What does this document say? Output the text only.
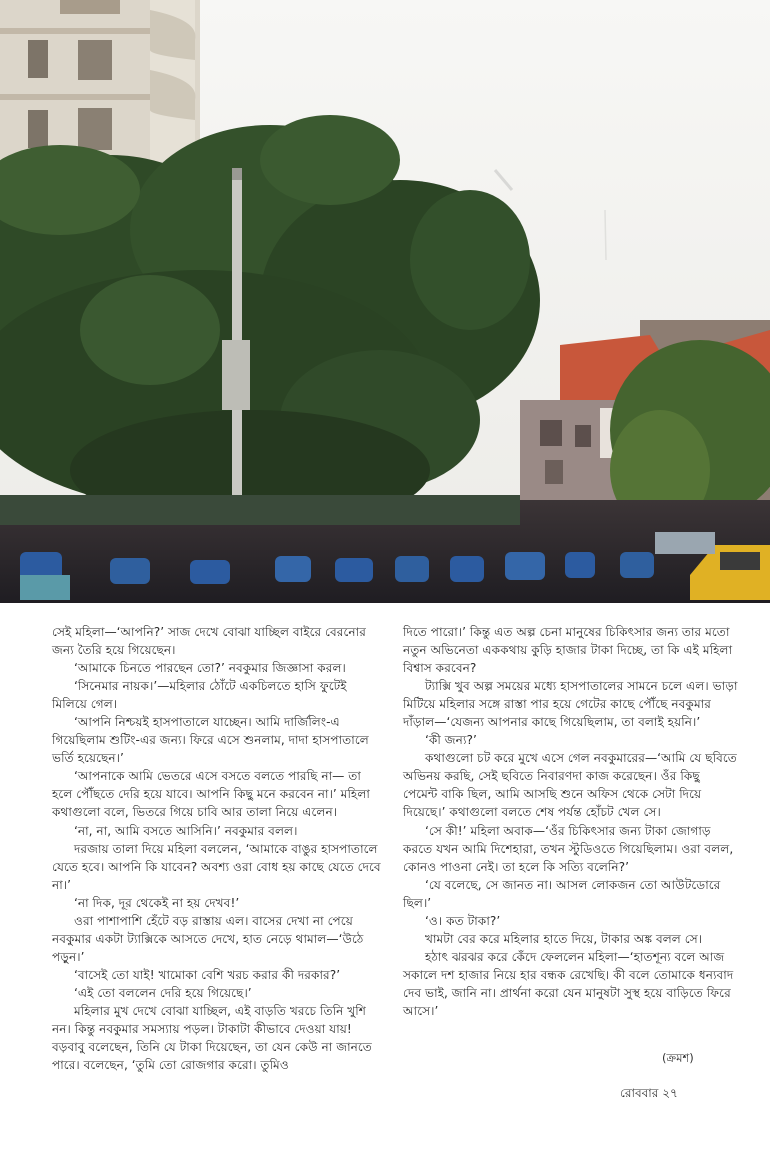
সেই মহিলা—‘আপনি?’ সাজ দেখে বোঝা যাচ্ছিল বাইরে বেরনোর জন্য তৈরি হয়ে গিয়েছেন।

‘আমাকে চিনতে পারছেন তো?’ নবকুমার জিজ্ঞাসা করল।

‘সিনেমার নায়ক।’—মহিলার ঠোঁটে একচিলতে হাসি ফুটেই মিলিয়ে গেল।

‘আপনি নিশ্চয়ই হাসপাতালে যাচ্ছেন। আমি দার্জিলিং-এ গিয়েছিলাম শুটিং-এর জন্য। ফিরে এসে শুনলাম, দাদা হাসপাতালে ভর্তি হয়েছেন।’

‘আপনাকে আমি ভেতরে এসে বসতে বলতে পারছি না— তা হলে পৌঁছতে দেরি হয়ে যাবে। আপনি কিছু মনে করবেন না।’ মহিলা কথাগুলো বলে, ভিতরে গিয়ে চাবি আর তালা নিয়ে এলেন।

‘না, না, আমি বসতে আসিনি।’ নবকুমার বলল।

দরজায় তালা দিয়ে মহিলা বললেন, ‘আমাকে বাঙুর হাসপাতালে যেতে হবে। আপনি কি যাবেন? অবশ্য ওরা বোধ হয় কাছে যেতে দেবে না।’

‘না দিক, দূর থেকেই না হয় দেখব!’

ওরা পাশাপাশি হেঁটে বড় রাস্তায় এল। বাসের দেখা না পেয়ে নবকুমার একটা ট্যাক্সিকে আসতে দেখে, হাত নেড়ে থামাল—‘উঠে পড়ুন।’

‘বাসেই তো যাই! খামোকা বেশি খরচ করার কী দরকার?’

‘এই তো বললেন দেরি হয়ে গিয়েছে।’

মহিলার মুখ দেখে বোঝা যাচ্ছিল, এই বাড়তি খরচে তিনি খুশি নন। কিন্তু নবকুমার সমস্যায় পড়ল। টাকাটা কীভাবে দেওয়া যায়! বড়বাবু বলেছেন, তিনি যে টাকা দিয়েছেন, তা যেন কেউ না জানতে পারে। বলেছেন, ‘তুমি তো রোজগার করো। তুমিও

দিতে পারো।’ কিন্তু এত অল্প চেনা মানুষের চিকিৎসার জন্য তার মতো নতুন অভিনেতা এককথায় কুড়ি হাজার টাকা দিচ্ছে, তা কি এই মহিলা বিশ্বাস করবেন?

ট্যাক্সি খুব অল্প সময়ের মধ্যে হাসপাতালের সামনে চলে এল। ভাড়া মিটিয়ে মহিলার সঙ্গে রাস্তা পার হয়ে গেটের কাছে পৌঁছে নবকুমার দাঁড়াল—‘যেজন্য আপনার কাছে গিয়েছিলাম, তা বলাই হয়নি।’

‘কী জন্য?’

কথাগুলো চট করে মুখে এসে গেল নবকুমারের—‘আমি যে ছবিতে অভিনয় করছি, সেই ছবিতে নিবারণদা কাজ করেছেন। ওঁর কিছু পেমেন্ট বাকি ছিল, আমি আসছি শুনে অফিস থেকে সেটা দিয়ে দিয়েছে।’ কথাগুলো বলতে শেষ পর্যন্ত হোঁচট খেল সে।

‘সে কী!’ মহিলা অবাক—‘ওঁর চিকিৎসার জন্য টাকা জোগাড় করতে যখন আমি দিশেহারা, তখন স্টুডিওতে গিয়েছিলাম। ওরা বলল, কোনও পাওনা নেই। তা হলে কি সত্যি বলেনি?’

‘যে বলেছে, সে জানত না। আসল লোকজন তো আউটডোরে ছিল।’

‘ও। কত টাকা?’

খামটা বের করে মহিলার হাতে দিয়ে, টাকার অঙ্ক বলল সে।

হঠাৎ ঝরঝর করে কেঁদে ফেললেন মহিলা—‘হাতশূন্য বলে আজ সকালে দশ হাজার নিয়ে হার বন্ধক রেখেছি। কী বলে তোমাকে ধন্যবাদ দেব ভাই, জানি না। প্রার্থনা করো যেন মানুষটা সুস্থ হয়ে বাড়িতে ফিরে আসে।’

(ক্রমশ)
রোববার ২৭
